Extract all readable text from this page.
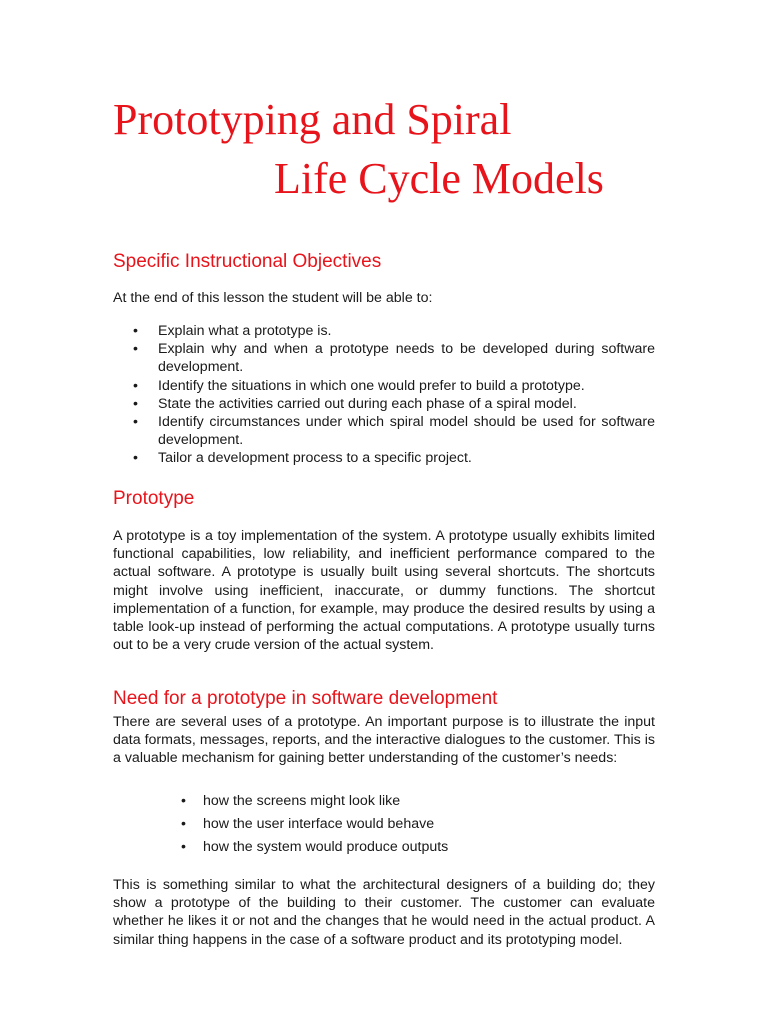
Prototyping and Spiral
Life Cycle Models
Specific Instructional Objectives

At the end of this lesson the student will be able to:

• Explain what a prototype is.
• Explain why and when a prototype needs to be developed during software development.
• Identify the situations in which one would prefer to build a prototype.
• State the activities carried out during each phase of a spiral model.
• Identify circumstances under which spiral model should be used for software development.
• Tailor a development process to a specific project.
Prototype

A prototype is a toy implementation of the system. A prototype usually exhibits limited functional capabilities, low reliability, and inefficient performance compared to the actual software. A prototype is usually built using several shortcuts. The shortcuts might involve using inefficient, inaccurate, or dummy functions. The shortcut implementation of a function, for example, may produce the desired results by using a table look-up instead of performing the actual computations. A prototype usually turns out to be a very crude version of the actual system.

Need for a prototype in software development

There are several uses of a prototype. An important purpose is to illustrate the input data formats, messages, reports, and the interactive dialogues to the customer. This is a valuable mechanism for gaining better understanding of the customer’s needs:

• how the screens might look like
• how the user interface would behave
• how the system would produce outputs

This is something similar to what the architectural designers of a building do; they show a prototype of the building to their customer. The customer can evaluate whether he likes it or not and the changes that he would need in the actual product. A similar thing happens in the case of a software product and its prototyping model.
